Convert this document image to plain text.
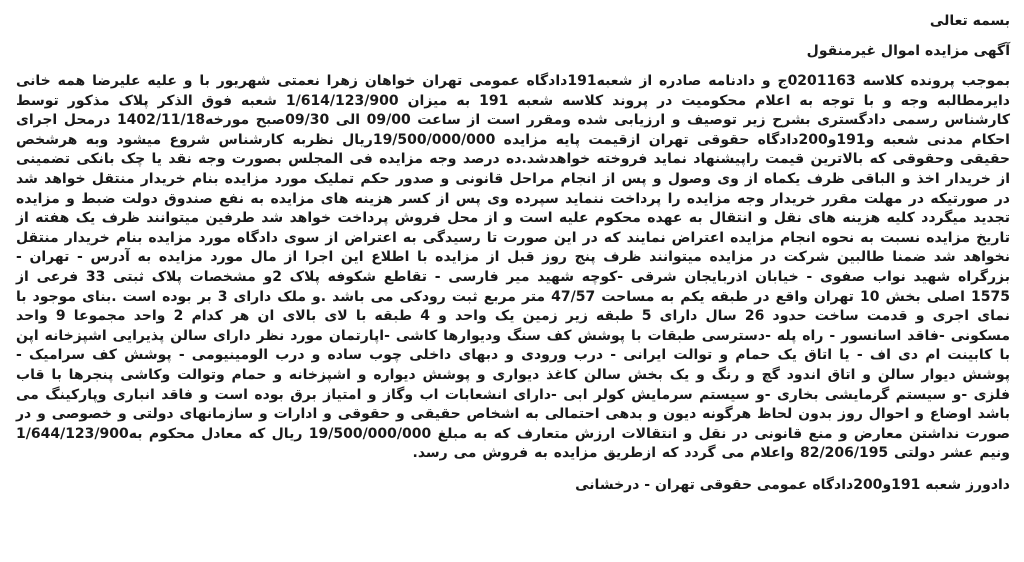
بسمه تعالی

آگهی مزایده اموال غیرمنقول

بموجب پرونده کلاسه 0201163ج و دادنامه صادره از شعبه191دادگاه عمومی تهران خواهان زهرا نعمتی شهریور با و علیه علیرضا همه خانی دایرمطالبه وجه و با توجه به اعلام محکومیت در پروند کلاسه شعبه 191 به میزان 1/614/123/900 شعبه فوق الذکر پلاک مذکور توسط کارشناس رسمی دادگستری بشرح زیر توصیف و ارزیابی شده ومقرر است از ساعت 09/00 الی 09/30صبح مورخه1402/11/18 درمحل اجرای احکام مدنی شعبه و191و200دادگاه حقوقی تهران ازقیمت پایه مزایده 19/500/000/000ریال نظربه کارشناس شروع میشود وبه هرشخص حقیقی وحقوقی که بالاترین قیمت راپیشنهاد نماید فروخته خواهدشد.ده درصد وجه مزایده فی المجلس بصورت وجه نقد یا چک بانکی تضمینی از خریدار اخذ و الباقی ظرف یکماه از وی وصول و پس از انجام مراحل قانونی و صدور حکم تملیک مورد مزایده بنام خریدار منتقل خواهد شد در صورتیکه در مهلت مقرر خریدار وجه مزایده را پرداخت ننماید سپرده وی پس از کسر هزینه های مزایده به نفع صندوق دولت ضبط و مزایده تجدید میگردد کلیه هزینه های نقل و انتقال به عهده محکوم علیه است و از محل فروش پرداخت خواهد شد طرفین میتوانند ظرف یک هفته از تاریخ مزایده نسبت به نحوه انجام مزایده اعتراض نمایند که در این صورت تا رسیدگی به اعتراض از سوی دادگاه مورد مزایده بنام خریدار منتقل نخواهد شد ضمنا طالبین شرکت در مزایده میتوانند ظرف پنج روز قبل از مزایده با اطلاع این اجرا از مال مورد مزایده به آدرس - تهران - بزرگراه شهید نواب صفوی - خیابان اذربایجان شرقی -کوچه شهید میر فارسی - تقاطع شکوفه پلاک 2و مشخصات پلاک ثبتی 33 فرعی از 1575 اصلی بخش 10 تهران واقع در طبقه یکم به مساحت 47/57 متر مربع ثبت رودکی می باشد .و ملک دارای 3 بر بوده است .بنای موجود با نمای اجری و قدمت ساخت حدود 26 سال دارای 5 طبقه زیر زمین یک واحد و 4 طبقه با لای بالای ان هر کدام 2 واحد مجموعا 9 واحد مسکونی -فاقد اسانسور - راه پله -دسترسی طبقات با پوشش کف سنگ ودیوارها کاشی -اپارتمان مورد نظر دارای سالن پذیرایی اشپزخانه اپن با کابینت ام دی اف - یا اتاق یک حمام و توالت ایرانی - درب ورودی و دبهای داخلی چوب ساده و درب الومینیومی - پوشش کف سرامیک - پوشش دیوار سالن و اتاق اندود گچ و رنگ و یک بخش سالن کاغذ دیواری و پوشش دیواره و اشپزخانه و حمام وتوالت وکاشی پنجرها با قاب فلزی -و سیستم گرمایشی بخاری -و سیستم سرمایش کولر ابی -دارای انشعابات اب وگاز و امتیاز برق بوده است و فاقد انباری وپارکینگ می باشد اوضاع و احوال روز بدون لحاظ هرگونه دیون و بدهی احتمالی به اشخاص حقیقی و حقوقی و ادارات و سازمانهای دولتی و خصوصی و در صورت نداشتن معارض و منع قانونی در نقل و انتقالات ارزش متعارف که به مبلغ 19/500/000/000 ریال که معادل محکوم به1/644/123/900 ونیم عشر دولتی 82/206/195 واعلام می گردد که ازطریق مزایده به فروش می رسد.

دادورز شعبه 191و200دادگاه عمومی حقوقی تهران - درخشانی
